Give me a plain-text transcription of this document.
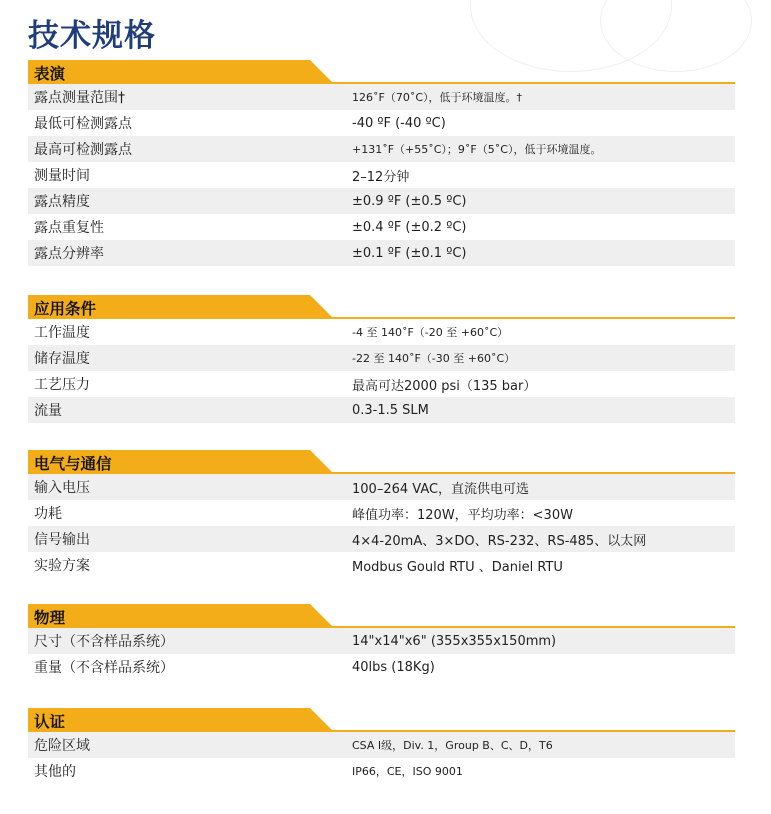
技术规格
表演
露点测量范围†	126˚F（70˚C），低于环境温度。†
最低可检测露点	-40 ºF (-40 ºC)
最高可检测露点	+131˚F（+55˚C）；9˚F（5˚C），低于环境温度。
测量时间	2–12分钟
露点精度	±0.9 ºF (±0.5 ºC)
露点重复性	±0.4 ºF (±0.2 ºC)
露点分辨率	±0.1 ºF (±0.1 ºC)
应用条件
工作温度	-4 至 140˚F（-20 至 +60˚C）
储存温度	-22 至 140˚F（-30 至 +60˚C）
工艺压力	最高可达2000 psi（135 bar）
流量	0.3-1.5 SLM
电气与通信
输入电压	100–264 VAC，直流供电可选
功耗	峰值功率：120W，平均功率：<30W
信号输出	4×4-20mA、3×DO、RS-232、RS-485、以太网
实验方案	Modbus Gould RTU 、Daniel RTU
物理
尺寸（不含样品系统）	14"x14"x6" (355x355x150mm)
重量（不含样品系统）	40lbs (18Kg)
认证
危险区域	CSA I级，Div. 1，Group B、C、D，T6
其他的	IP66，CE，ISO 9001
